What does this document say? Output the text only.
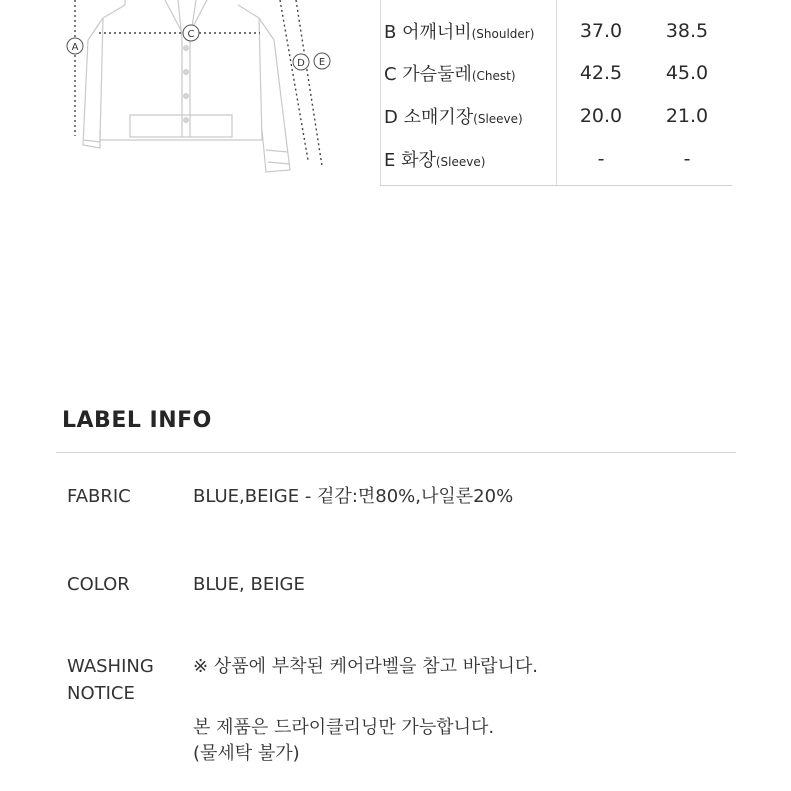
A
C
D E
B 어깨너비(Shoulder)	37.0	38.5
C 가슴둘레(Chest)	42.5	45.0
D 소매기장(Sleeve)	20.0	21.0
E 화장(Sleeve)	-	-
LABEL INFO
FABRIC	BLUE,BEIGE - 겉감:면80%,나일론20%
COLOR	BLUE, BEIGE
WASHING
NOTICE
※ 상품에 부착된 케어라벨을 참고 바랍니다.
본 제품은 드라이클리닝만 가능합니다.
(물세탁 불가)
